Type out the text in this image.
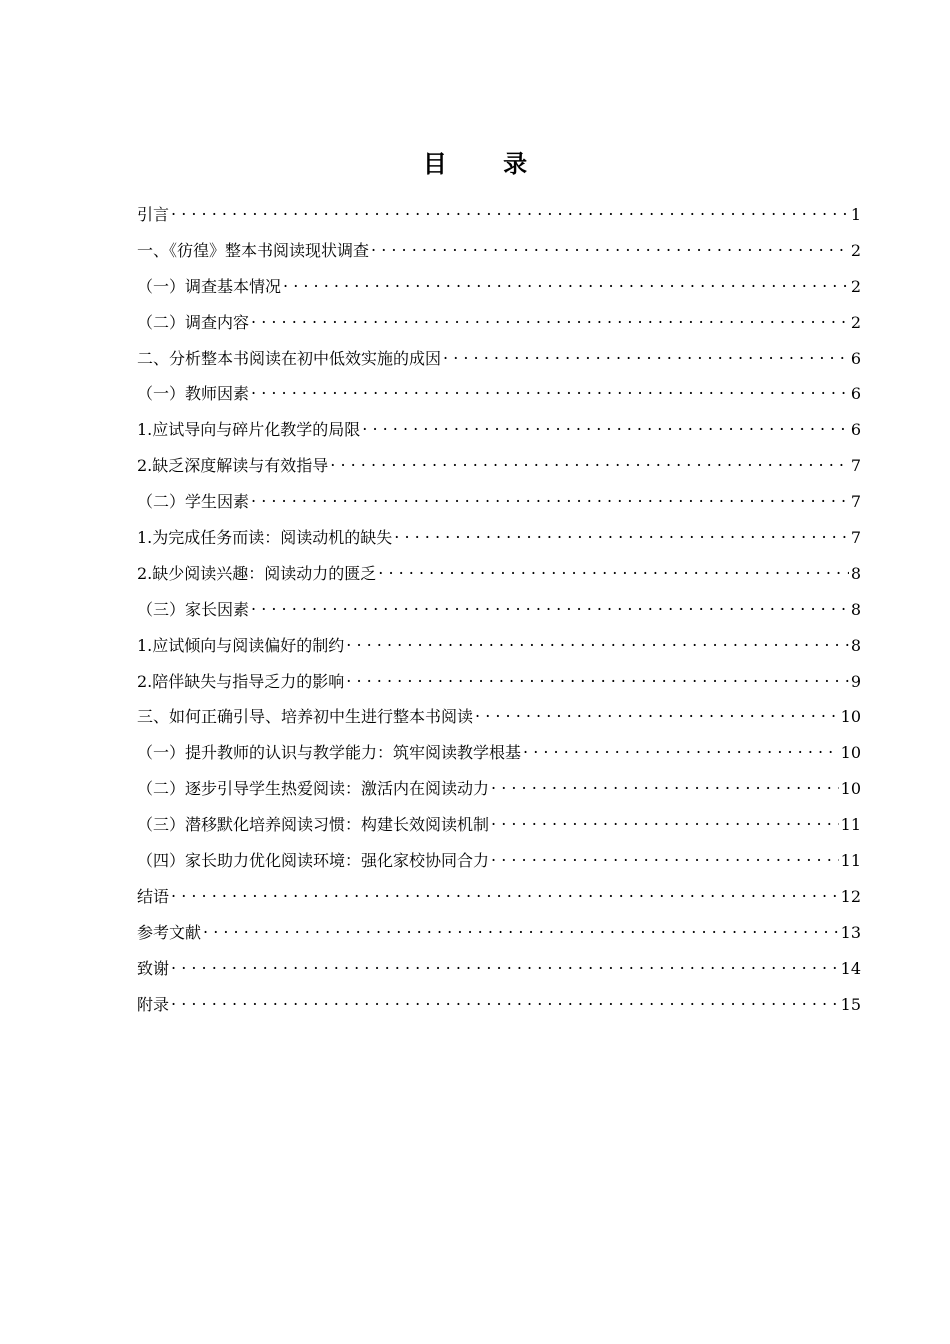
目 录
引言 . . .	1
一、《彷徨》整本书阅读现状调查 . . .	2
（一）调查基本情况 . . .	2
（二）调查内容 . . .	2
二、分析整本书阅读在初中低效实施的成因 . . .	6
（一）教师因素 . . .	6
1.应试导向与碎片化教学的局限 . . .	6
2.缺乏深度解读与有效指导 . . .	7
（二）学生因素 . . .	7
1.为完成任务而读：阅读动机的缺失 . . .	7
2.缺少阅读兴趣：阅读动力的匮乏 . . .	8
（三）家长因素 . . .	8
1.应试倾向与阅读偏好的制约 . . .	8
2.陪伴缺失与指导乏力的影响 . . .	9
三、如何正确引导、培养初中生进行整本书阅读 . . .	10
（一）提升教师的认识与教学能力：筑牢阅读教学根基 . . .	10
（二）逐步引导学生热爱阅读：激活内在阅读动力 . . .	10
（三）潜移默化培养阅读习惯：构建长效阅读机制 . . .	11
（四）家长助力优化阅读环境：强化家校协同合力 . . .	11
结语 . . .	12
参考文献 . . .	13
致谢 . . .	14
附录 . . .	15
